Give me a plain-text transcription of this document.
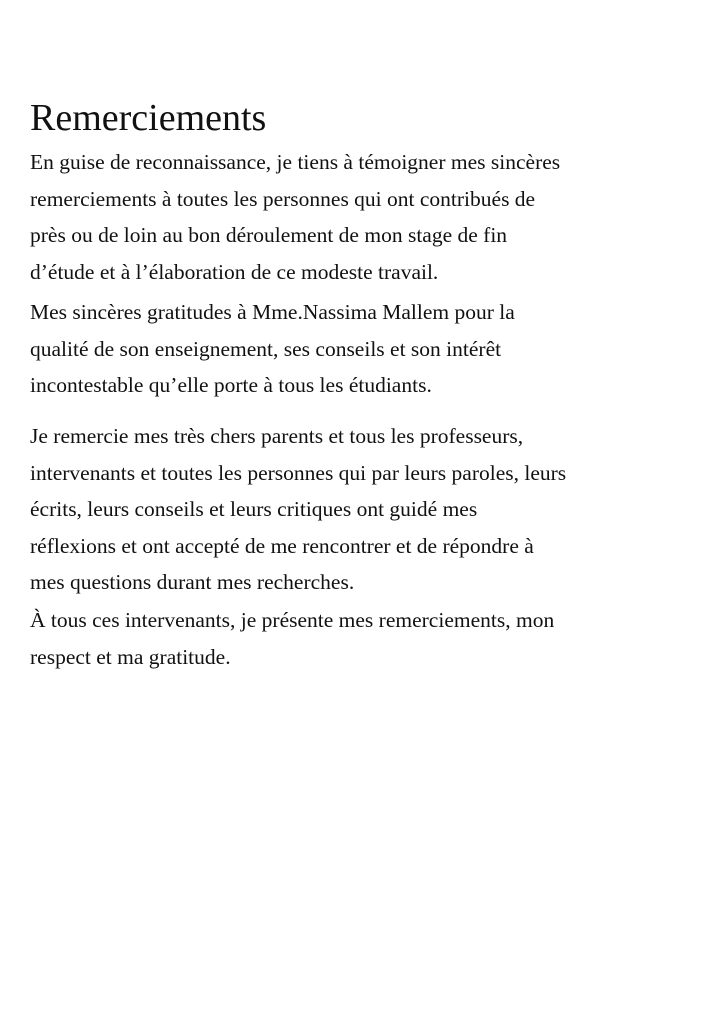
Remerciements

En guise de reconnaissance, je tiens à témoigner mes sincères
remerciements à toutes les personnes qui ont contribués de
près ou de loin au bon déroulement de mon stage de fin
d’étude et à l’élaboration de ce modeste travail.

Mes sincères gratitudes à Mme.Nassima Mallem pour la
qualité de son enseignement, ses conseils et son intérêt
incontestable qu’elle porte à tous les étudiants.

Je remercie mes très chers parents et tous les professeurs,
intervenants et toutes les personnes qui par leurs paroles, leurs
écrits, leurs conseils et leurs critiques ont guidé mes
réflexions et ont accepté de me rencontrer et de répondre à
mes questions durant mes recherches.

À tous ces intervenants, je présente mes remerciements, mon
respect et ma gratitude.
